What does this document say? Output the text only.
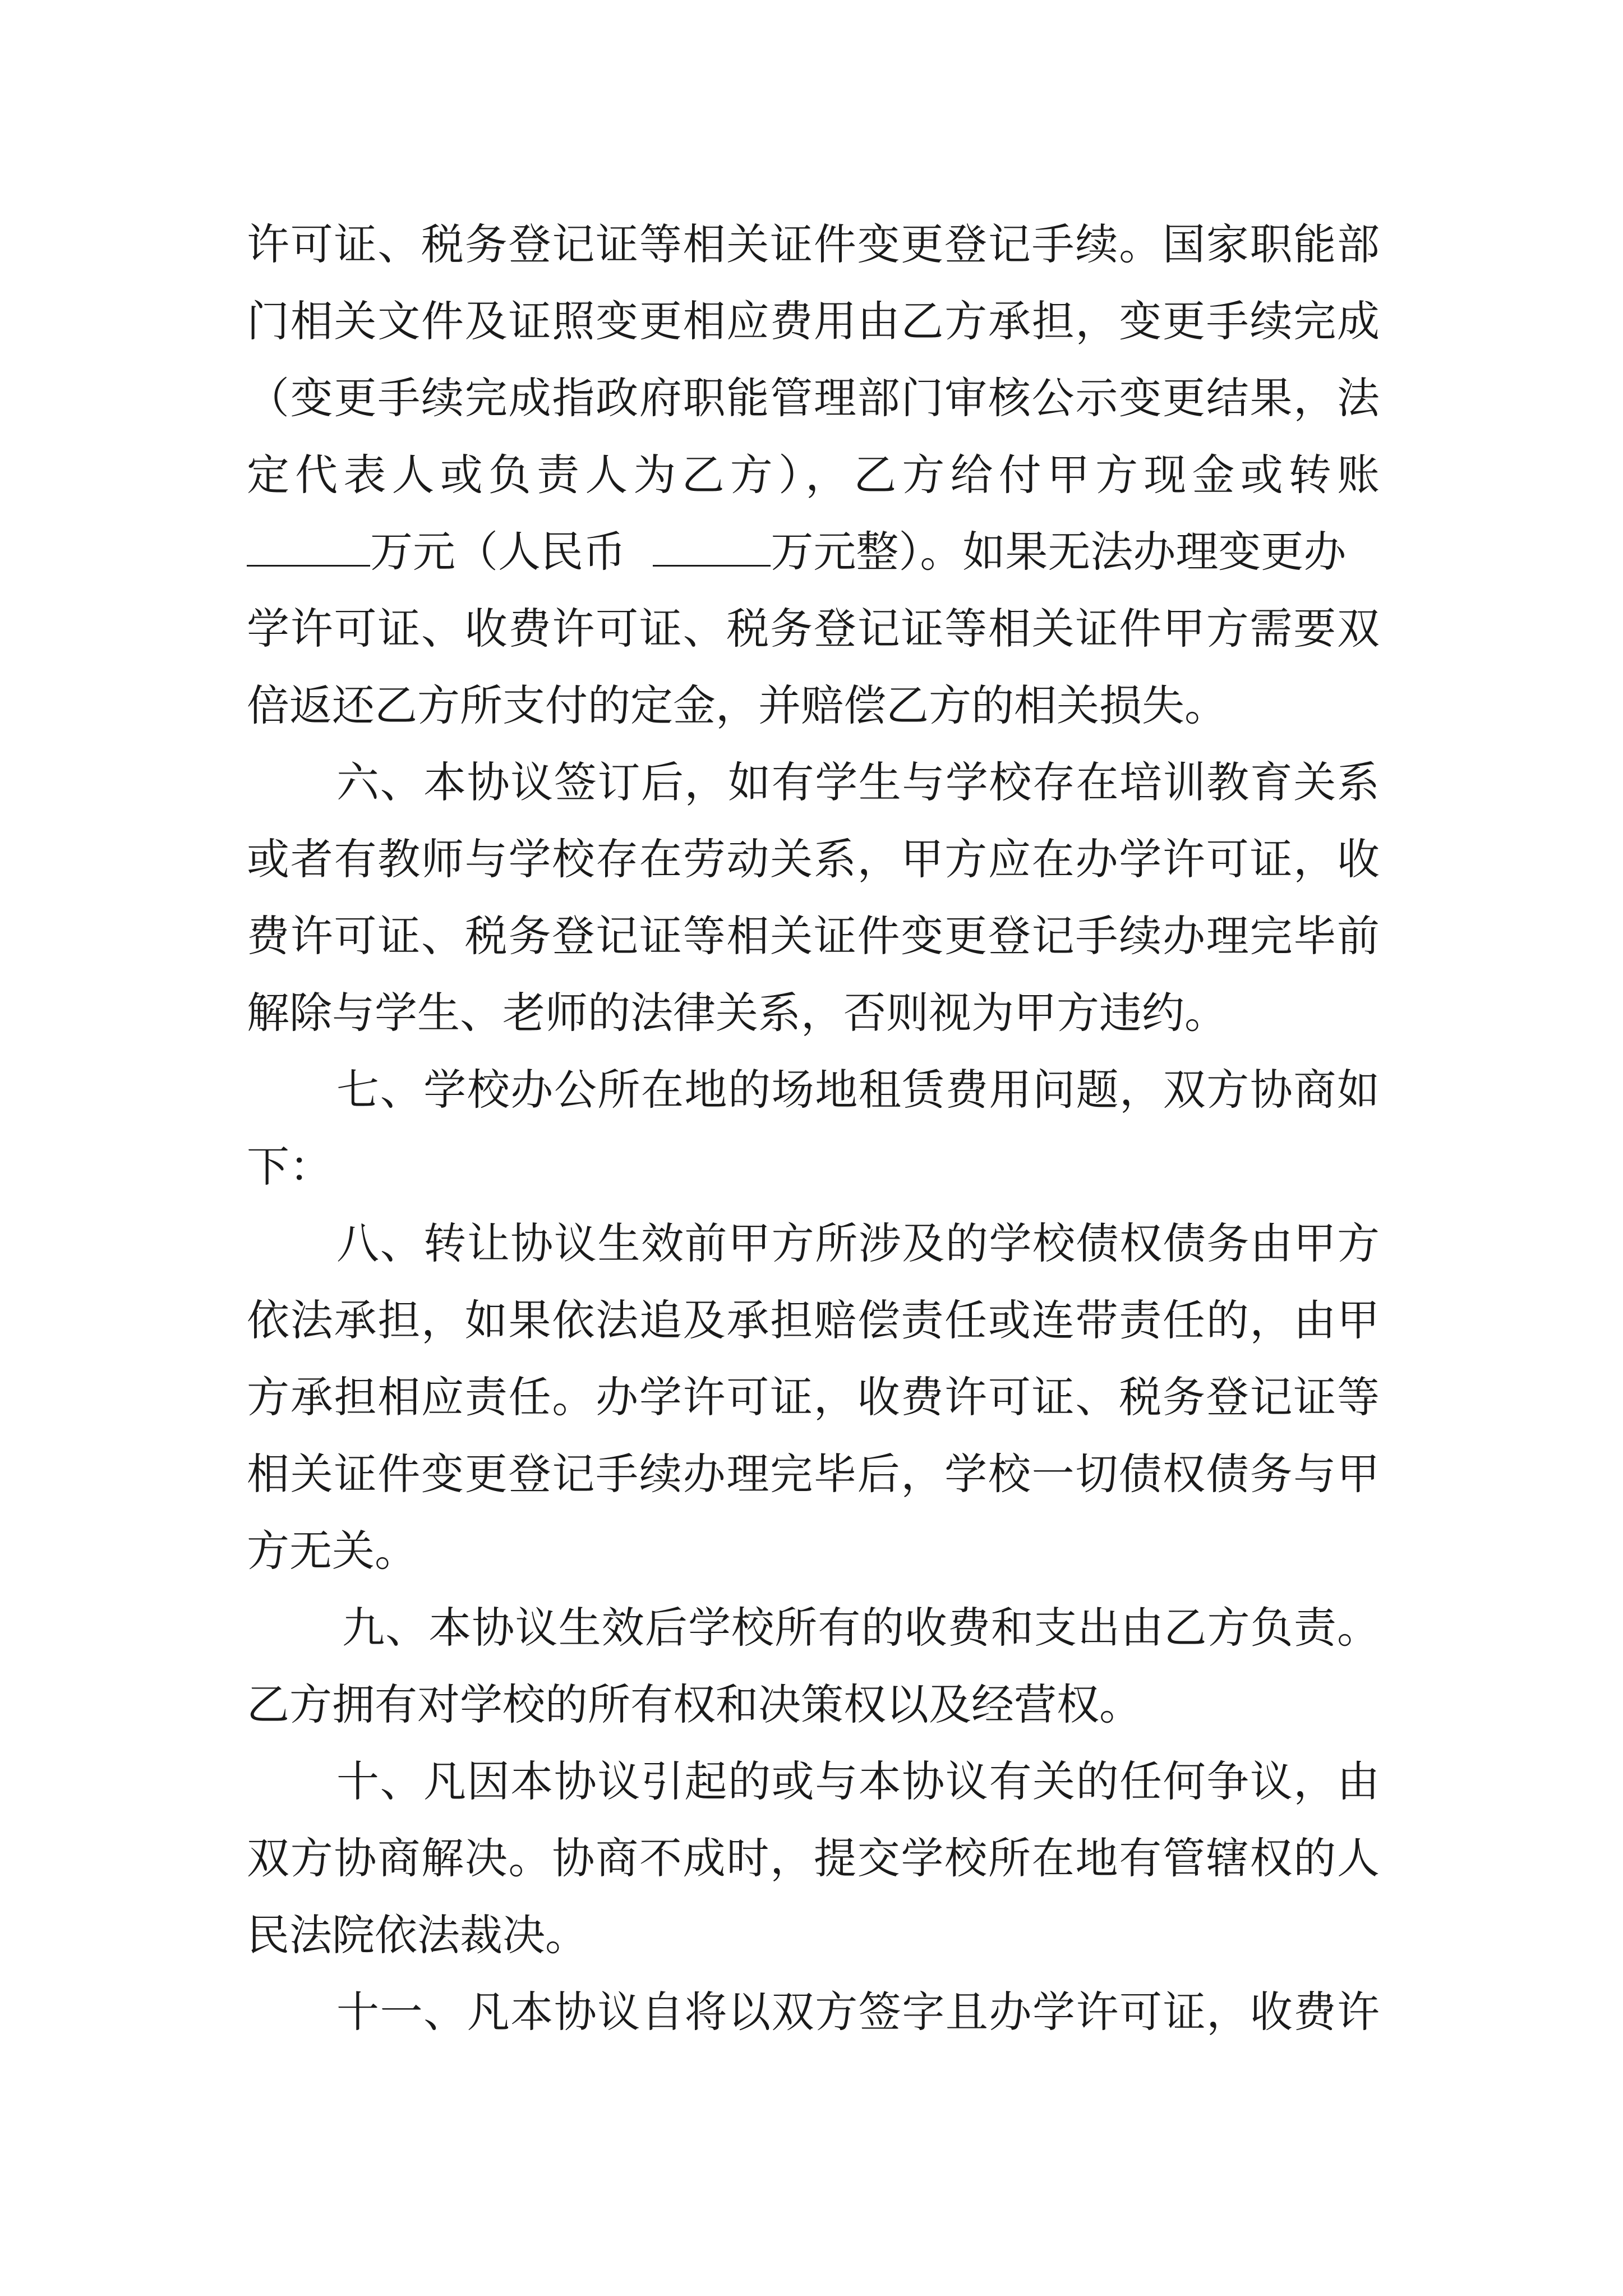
许可证、税务登记证等相关证件变更登记手续。国家职能部
门相关文件及证照变更相应费用由乙方承担，变更手续完成
（变更手续完成指政府职能管理部门审核公示变更结果，法
定代表人或负责人为乙方），乙方给付甲方现金或转账
万元（人民币	万元整）。如果无法办理变更办
学许可证、收费许可证、税务登记证等相关证件甲方需要双
倍返还乙方所支付的定金，并赔偿乙方的相关损失。
六、本协议签订后，如有学生与学校存在培训教育关系
或者有教师与学校存在劳动关系，甲方应在办学许可证，收
费许可证、税务登记证等相关证件变更登记手续办理完毕前
解除与学生、老师的法律关系，否则视为甲方违约。
七、学校办公所在地的场地租赁费用问题，双方协商如
下：
八、转让协议生效前甲方所涉及的学校债权债务由甲方
依法承担，如果依法追及承担赔偿责任或连带责任的，由甲
方承担相应责任。办学许可证，收费许可证、税务登记证等
相关证件变更登记手续办理完毕后，学校一切债权债务与甲
方无关。
九、本协议生效后学校所有的收费和支出由乙方负责。
乙方拥有对学校的所有权和决策权以及经营权。
十、凡因本协议引起的或与本协议有关的任何争议，由
双方协商解决。协商不成时，提交学校所在地有管辖权的人
民法院依法裁决。
十一、凡本协议自将以双方签字且办学许可证，收费许
